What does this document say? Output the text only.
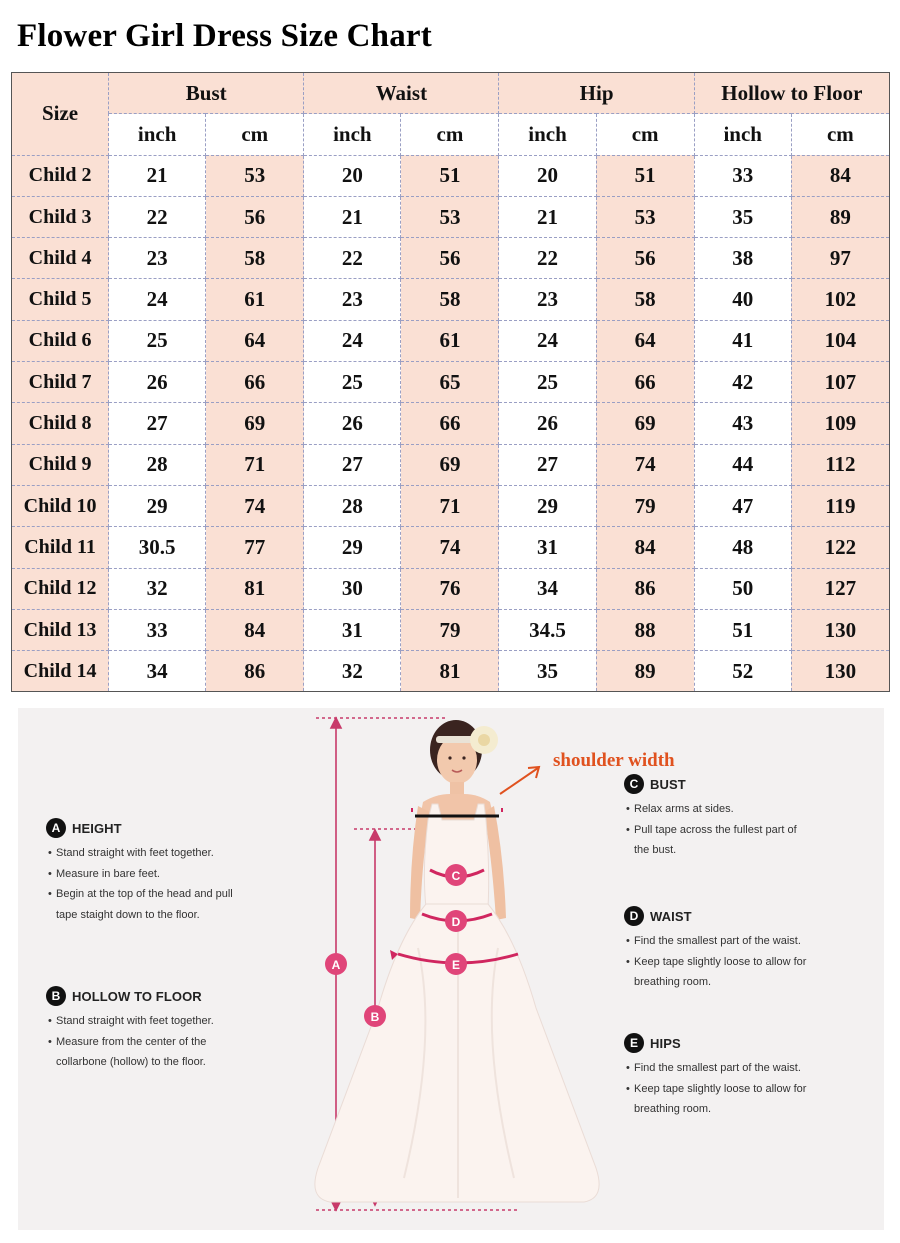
Flower Girl Dress Size Chart
Size	Bust		Waist		Hip		Hollow to Floor	
	inch	cm	inch	cm	inch	cm	inch	cm
Child 2	21	53	20	51	20	51	33	84
Child 3	22	56	21	53	21	53	35	89
Child 4	23	58	22	56	22	56	38	97
Child 5	24	61	23	58	23	58	40	102
Child 6	25	64	24	61	24	64	41	104
Child 7	26	66	25	65	25	66	42	107
Child 8	27	69	26	66	26	69	43	109
Child 9	28	71	27	69	27	74	44	112
Child 10	29	74	28	71	29	79	47	119
Child 11	30.5	77	29	74	31	84	48	122
Child 12	32	81	30	76	34	86	50	127
Child 13	33	84	31	79	34.5	88	51	130
Child 14	34	86	32	81	35	89	52	130
A
B
C
D
E
A HEIGHT
• Stand straight with feet together.
• Measure in bare feet.
• Begin at the top of the head and pull
tape staight down to the floor.
B HOLLOW TO FLOOR
• Stand straight with feet together.
• Measure from the center of the
collarbone (hollow) to the floor.
C BUST
• Relax arms at sides.
• Pull tape across the fullest part of
the bust.
D WAIST
• Find the smallest part of the waist.
• Keep tape slightly loose to allow for
breathing room.
E HIPS
• Find the smallest part of the waist.
• Keep tape slightly loose to allow for
breathing room.
shoulder width
